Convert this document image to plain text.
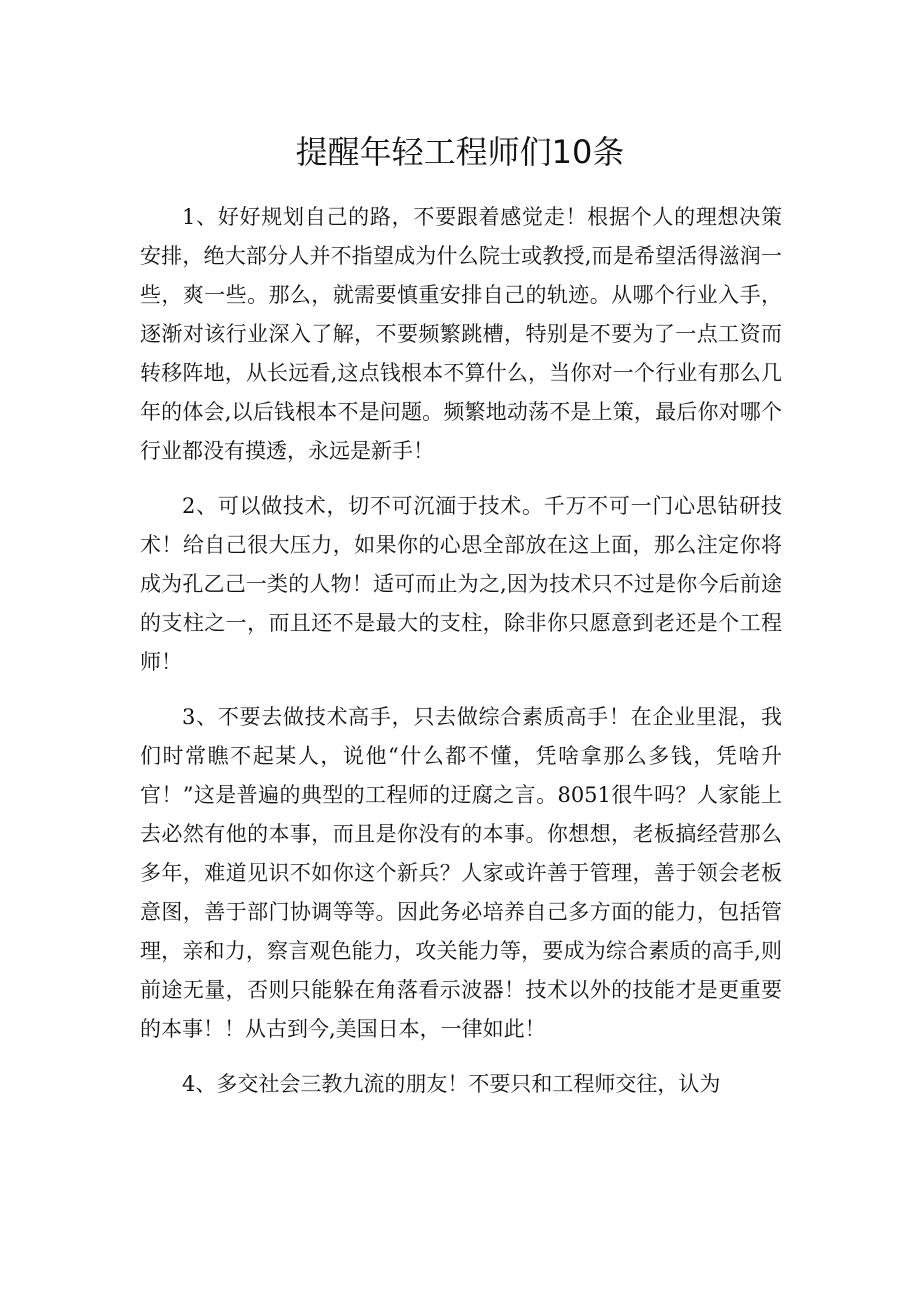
提醒年轻工程师们10条

1、好好规划自己的路，不要跟着感觉走！根据个人的理想决策安排，绝大部分人并不指望成为什么院士或教授,而是希望活得滋润一些，爽一些。那么，就需要慎重安排自己的轨迹。从哪个行业入手，逐渐对该行业深入了解，不要频繁跳槽，特别是不要为了一点工资而转移阵地，从长远看,这点钱根本不算什么，当你对一个行业有那么几年的体会,以后钱根本不是问题。频繁地动荡不是上策，最后你对哪个行业都没有摸透，永远是新手！

2、可以做技术，切不可沉湎于技术。千万不可一门心思钻研技术！给自己很大压力，如果你的心思全部放在这上面，那么注定你将成为孔乙己一类的人物！适可而止为之,因为技术只不过是你今后前途的支柱之一，而且还不是最大的支柱，除非你只愿意到老还是个工程师！

3、不要去做技术高手，只去做综合素质高手！在企业里混，我们时常瞧不起某人，说他“什么都不懂，凭啥拿那么多钱，凭啥升官！”这是普遍的典型的工程师的迂腐之言。8051很牛吗？人家能上去必然有他的本事，而且是你没有的本事。你想想，老板搞经营那么多年，难道见识不如你这个新兵？人家或许善于管理，善于领会老板意图，善于部门协调等等。因此务必培养自己多方面的能力，包括管理，亲和力，察言观色能力，攻关能力等，要成为综合素质的高手,则前途无量，否则只能躲在角落看示波器！技术以外的技能才是更重要的本事！！从古到今,美国日本，一律如此！

4、多交社会三教九流的朋友！不要只和工程师交往，认为
